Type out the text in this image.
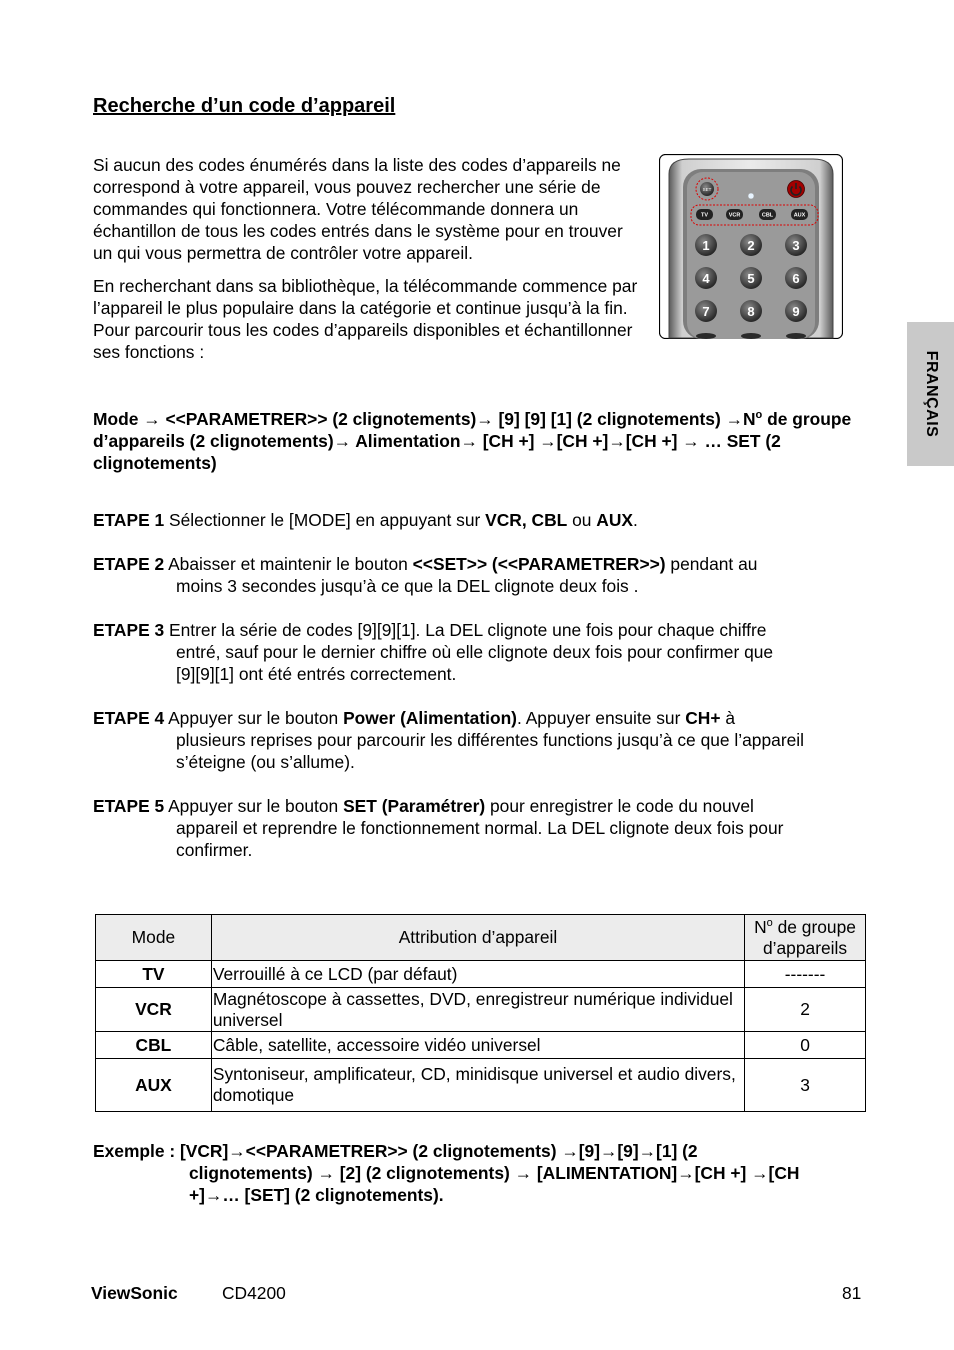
Recherche d’un code d’appareil

Si aucun des codes énumérés dans la liste des codes d’appareils ne correspond à votre appareil, vous pouvez rechercher une série de commandes qui fonctionnera. Votre télécommande donnera un échantillon de tous les codes entrés dans le système pour en trouver un qui vous permettra de contrôler votre appareil.

En recherchant dans sa bibliothèque, la télécommande commence par l’appareil le plus populaire dans la catégorie et continue jusqu’à la fin. Pour parcourir tous les codes d’appareils disponibles et échantillonner ses fonctions :

SET
TV	VCR	CBL	AUX
1	2	3
4	5	6
7	8	9
FRANÇAIS
Mode → <<PARAMETRER>> (2 clignotements)→ [9] [9] [1] (2 clignotements) $\to N^o$ de groupe d’appareils (2 clignotements)→ Alimentation→ [CH +] →[CH +]→[CH +] → … SET (2 clignotements)
ETAPE 1 Sélectionner le [MODE] en appuyant sur VCR, CBL ou AUX.
ETAPE 2 Abaisser et maintenir le bouton <<SET>> (<<PARAMETRER>>) pendant au
moins 3 secondes jusqu’à ce que la DEL clignote deux fois .
ETAPE 3 Entrer la série de codes [9][9][1]. La DEL clignote une fois pour chaque chiffre
entré, sauf pour le dernier chiffre où elle clignote deux fois pour confirmer que
[9][9][1] ont été entrés correctement.
ETAPE 4 Appuyer sur le bouton Power (Alimentation). Appuyer ensuite sur CH+ à
plusieurs reprises pour parcourir les différentes functions jusqu’à ce que l’appareil
s’éteigne (ou s’allume).
ETAPE 5 Appuyer sur le bouton SET (Paramétrer) pour enregistrer le code du nouvel
appareil et reprendre le fonctionnement normal. La DEL clignote deux fois pour
confirmer.
Mode	Attribution d’appareil	$N^o$ de groupe
d’appareils
TV	Verrouillé à ce LCD (par défaut)	-------
VCR	Magnétoscope à cassettes, DVD, enregistreur numérique individuel universel	2
CBL	Câble, satellite, accessoire vidéo universel	0
AUX	Syntoniseur, amplificateur, CD, minidisque universel et audio divers, domotique	3
Exemple : [VCR]→<<PARAMETRER>> (2 clignotements) →[9]→[9]→[1] (2
clignotements) → [2] (2 clignotements) → [ALIMENTATION]→[CH +] →[CH
+]→… [SET] (2 clignotements).
ViewSonic	CD4200	81
